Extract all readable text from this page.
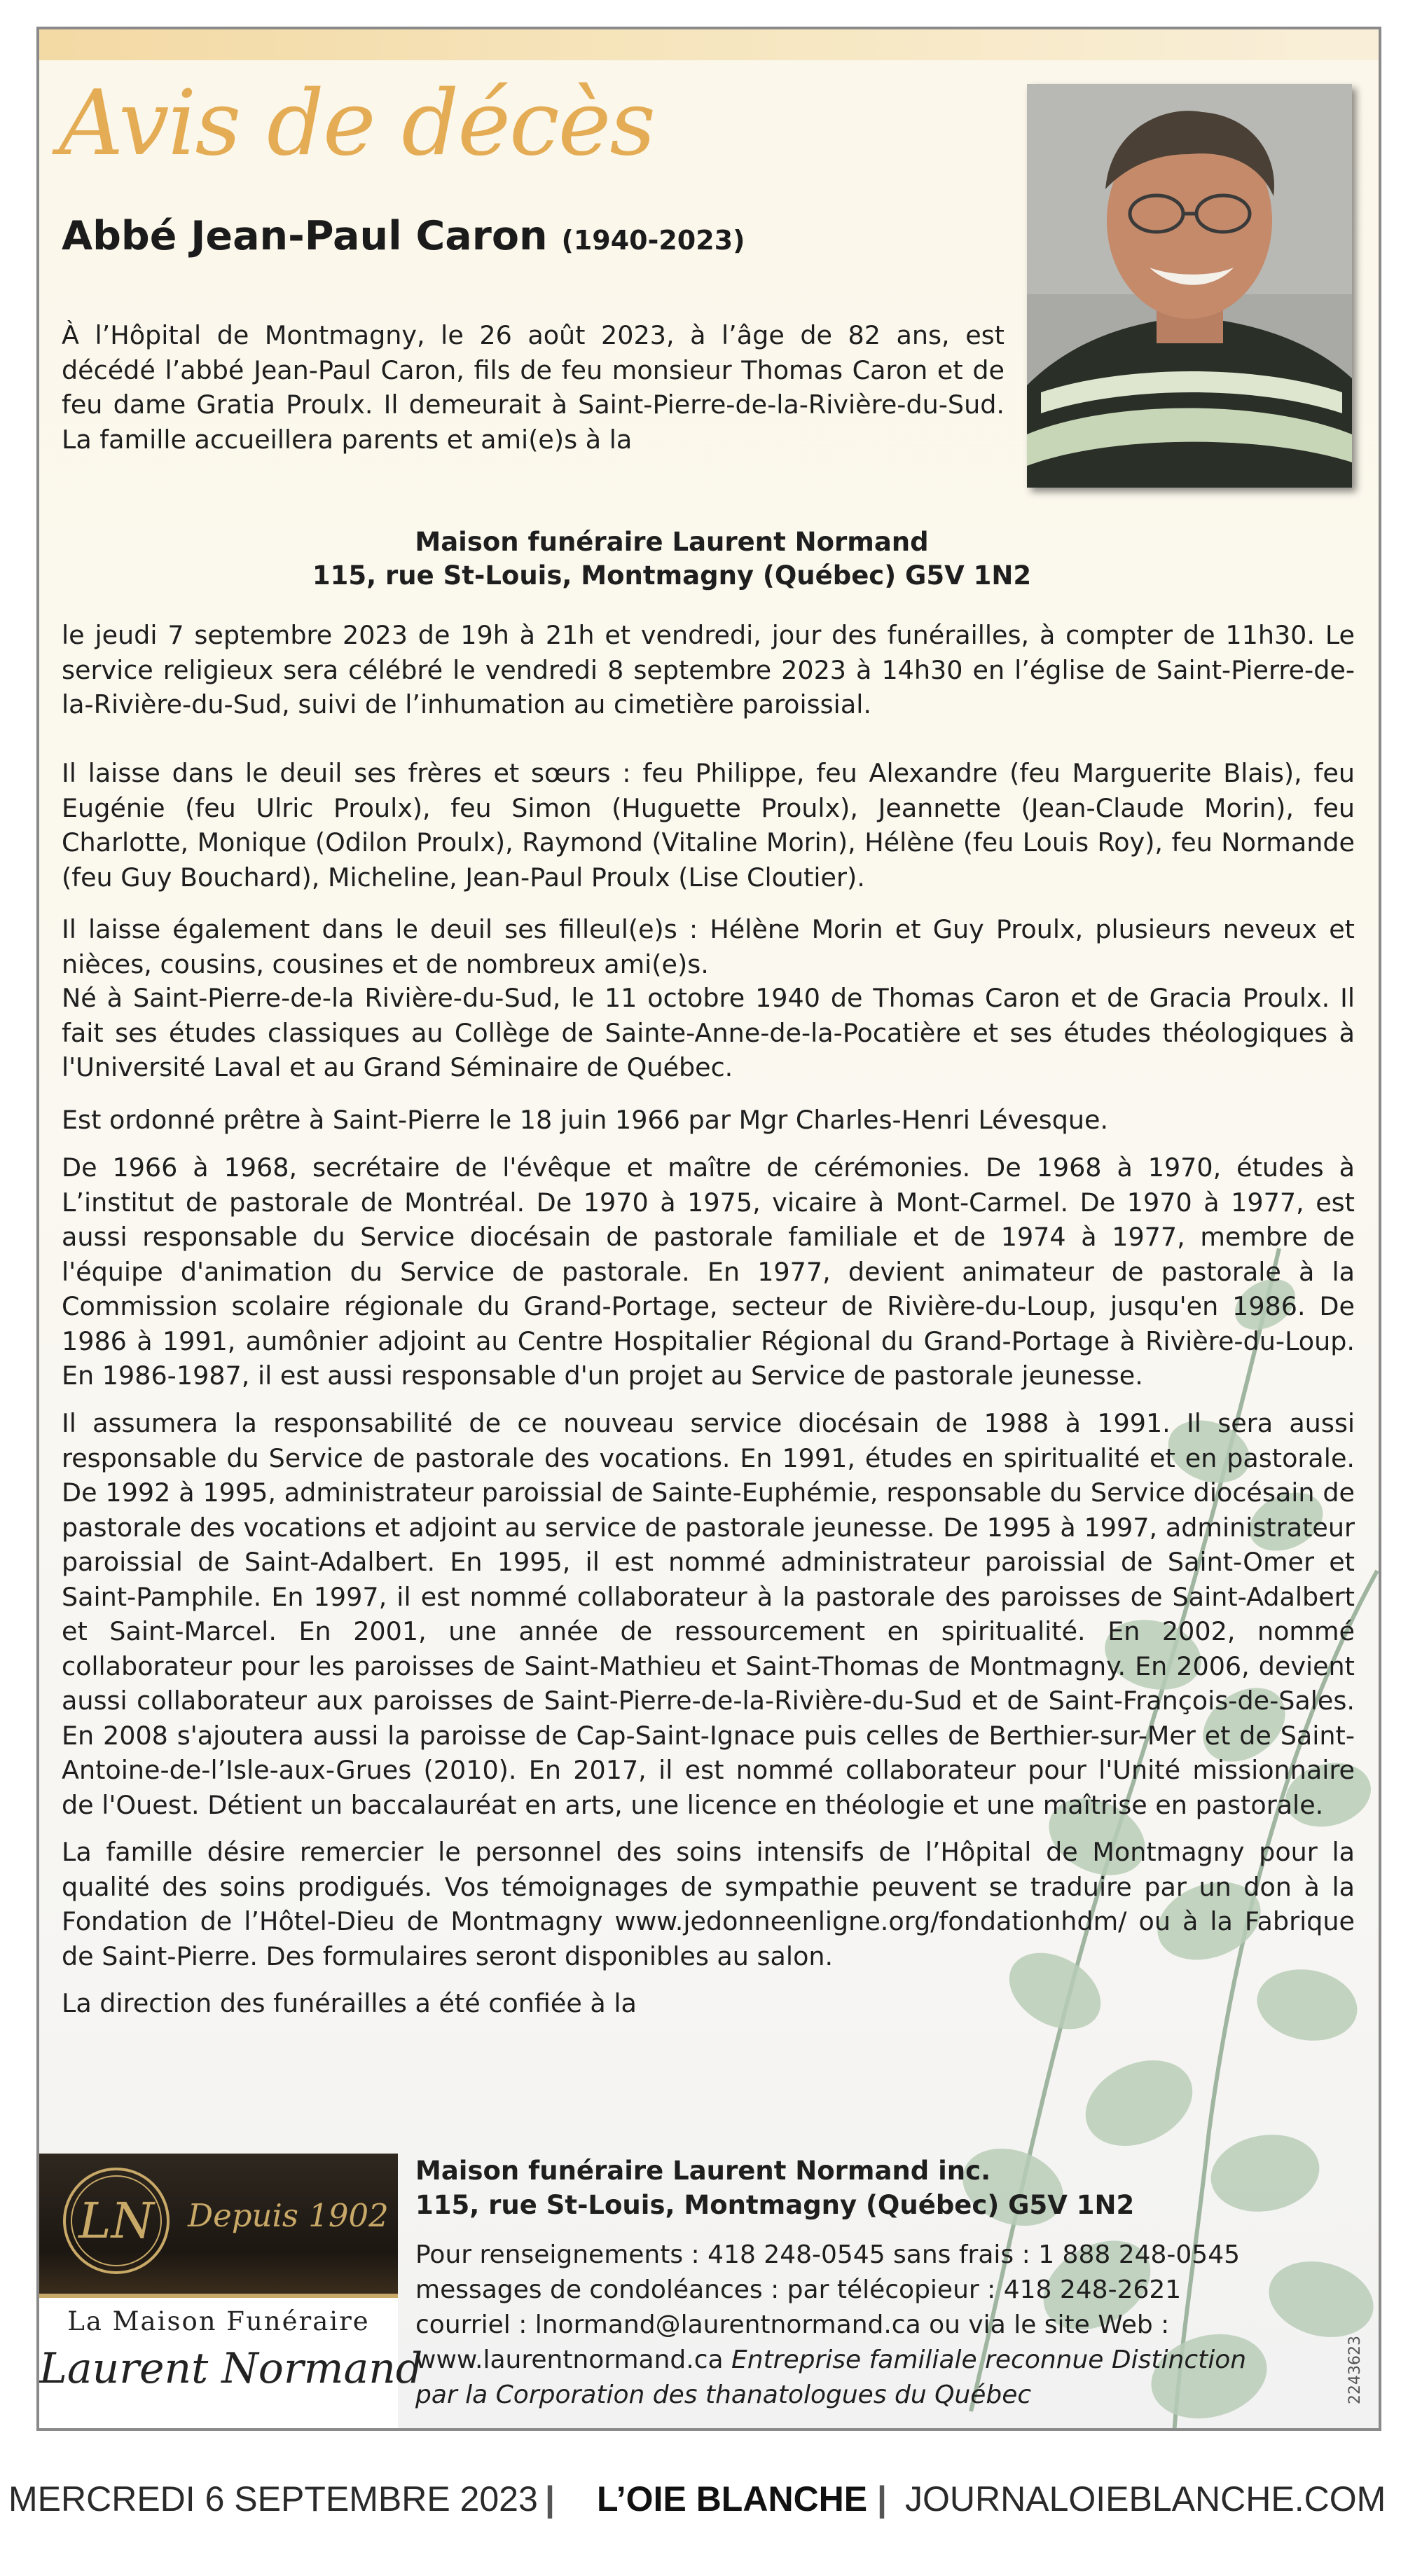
Avis de décès
Abbé Jean-Paul Caron (1940-2023)

À l’Hôpital de Montmagny, le 26 août 2023, à l’âge de 82 ans, est décédé l’abbé Jean-Paul Caron, fils de feu monsieur Thomas Caron et de feu dame Gratia Proulx. Il demeurait à Saint-Pierre-de-la-Rivière-du-Sud. La famille accueillera parents et ami(e)s à la

Maison funéraire Laurent Normand
115, rue St-Louis, Montmagny (Québec) G5V 1N2

le jeudi 7 septembre 2023 de 19h à 21h et vendredi, jour des funérailles, à compter de 11h30. Le service religieux sera célébré le vendredi 8 septembre 2023 à 14h30 en l’église de Saint-Pierre-de-la-Rivière-du-Sud, suivi de l’inhumation au cimetière paroissial.

Il laisse dans le deuil ses frères et sœurs : feu Philippe, feu Alexandre (feu Marguerite Blais), feu Eugénie (feu Ulric Proulx), feu Simon (Huguette Proulx), Jeannette (Jean-Claude Morin), feu Charlotte, Monique (Odilon Proulx), Raymond (Vitaline Morin), Hélène (feu Louis Roy), feu Normande (feu Guy Bouchard), Micheline, Jean-Paul Proulx (Lise Cloutier).

Il laisse également dans le deuil ses filleul(e)s : Hélène Morin et Guy Proulx, plusieurs neveux et nièces, cousins, cousines et de nombreux ami(e)s.

Né à Saint-Pierre-de-la Rivière-du-Sud, le 11 octobre 1940 de Thomas Caron et de Gracia Proulx. Il fait ses études classiques au Collège de Sainte-Anne-de-la-Pocatière et ses études théologiques à l'Université Laval et au Grand Séminaire de Québec.

Est ordonné prêtre à Saint-Pierre le 18 juin 1966 par Mgr Charles-Henri Lévesque.

De 1966 à 1968, secrétaire de l'évêque et maître de cérémonies. De 1968 à 1970, études à L’institut de pastorale de Montréal. De 1970 à 1975, vicaire à Mont-Carmel. De 1970 à 1977, est aussi responsable du Service diocésain de pastorale familiale et de 1974 à 1977, membre de l'équipe d'animation du Service de pastorale. En 1977, devient animateur de pastorale à la Commission scolaire régionale du Grand-Portage, secteur de Rivière-du-Loup, jusqu'en 1986. De 1986 à 1991, aumônier adjoint au Centre Hospitalier Régional du Grand-Portage à Rivière-du-Loup. En 1986-1987, il est aussi responsable d'un projet au Service de pastorale jeunesse.

Il assumera la responsabilité de ce nouveau service diocésain de 1988 à 1991. Il sera aussi responsable du Service de pastorale des vocations. En 1991, études en spiritualité et en pastorale. De 1992 à 1995, administrateur paroissial de Sainte-Euphémie, responsable du Service diocésain de pastorale des vocations et adjoint au service de pastorale jeunesse. De 1995 à 1997, administrateur paroissial de Saint-Adalbert. En 1995, il est nommé administrateur paroissial de Saint-Omer et Saint-Pamphile. En 1997, il est nommé collaborateur à la pastorale des paroisses de Saint-Adalbert et Saint-Marcel. En 2001, une année de ressourcement en spiritualité. En 2002, nommé collaborateur pour les paroisses de Saint-Mathieu et Saint-Thomas de Montmagny. En 2006, devient aussi collaborateur aux paroisses de Saint-Pierre-de-la-Rivière-du-Sud et de Saint-François-de-Sales. En 2008 s'ajoutera aussi la paroisse de Cap-Saint-Ignace puis celles de Berthier-sur-Mer et de Saint-Antoine-de-l’Isle-aux-Grues (2010). En 2017, il est nommé collaborateur pour l'Unité missionnaire de l'Ouest. Détient un baccalauréat en arts, une licence en théologie et une maîtrise en pastorale.

La famille désire remercier le personnel des soins intensifs de l’Hôpital de Montmagny pour la qualité des soins prodigués. Vos témoignages de sympathie peuvent se traduire par un don à la Fondation de l’Hôtel-Dieu de Montmagny www.jedonneenligne.org/fondationhdm/ ou à la Fabrique de Saint-Pierre. Des formulaires seront disponibles au salon.

La direction des funérailles a été confiée à la

LN Depuis 1902
La Maison Funéraire
Laurent Normand
Maison funéraire Laurent Normand inc.
115, rue St-Louis, Montmagny (Québec) G5V 1N2
Pour renseignements : 418 248-0545 sans frais : 1 888 248-0545
messages de condoléances : par télécopieur : 418 248-2621
courriel : lnormand@laurentnormand.ca ou via le site Web :
www.laurentnormand.ca Entreprise familiale reconnue Distinction
par la Corporation des thanatologues du Québec	2243623
MERCREDI 6 SEPTEMBRE 2023 | L’OIE BLANCHE | JOURNALOIEBLANCHE.COM
